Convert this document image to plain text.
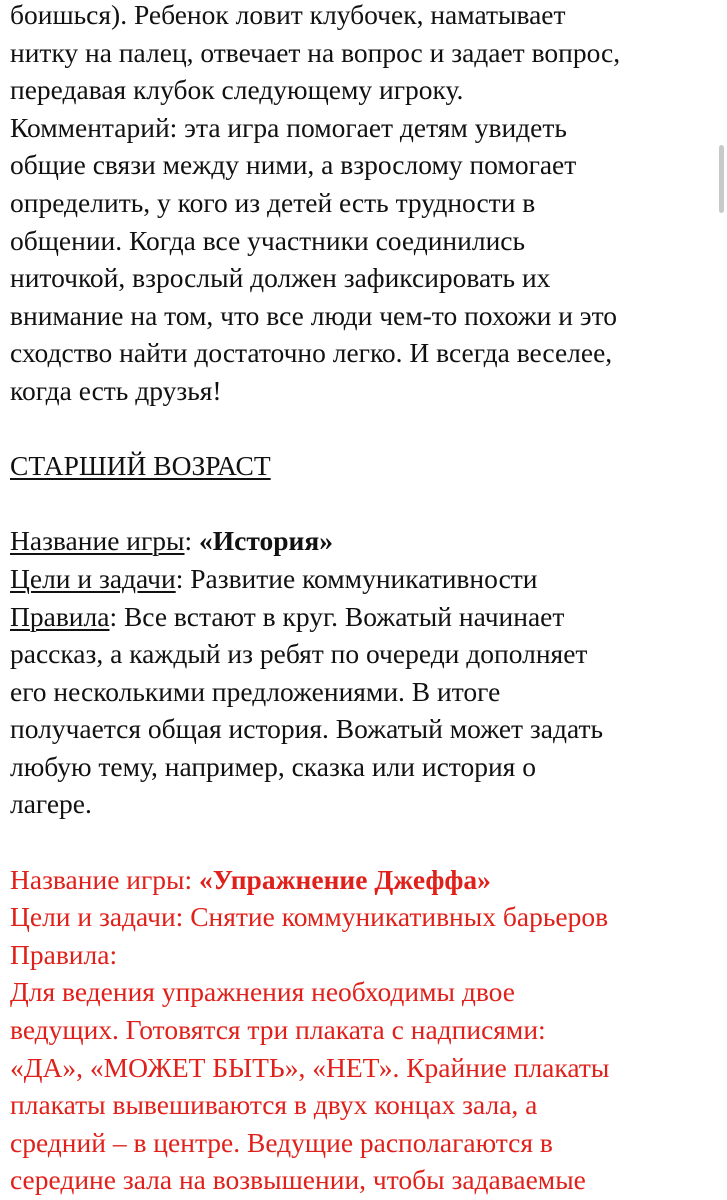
боишься). Ребенок ловит клубочек, наматывает
нитку на палец, отвечает на вопрос и задает вопрос,
передавая клубок следующему игроку.
Комментарий: эта игра помогает детям увидеть
общие связи между ними, а взрослому помогает
определить, у кого из детей есть трудности в
общении. Когда все участники соединились
ниточкой, взрослый должен зафиксировать их
внимание на том, что все люди чем-то похожи и это
сходство найти достаточно легко. И всегда веселее,
когда есть друзья!
СТАРШИЙ ВОЗРАСТ
Название игры: «История»
Цели и задачи: Развитие коммуникативности
Правила: Все встают в круг. Вожатый начинает
рассказ, а каждый из ребят по очереди дополняет
его несколькими предложениями. В итоге
получается общая история. Вожатый может задать
любую тему, например, сказка или история о
лагере.
Название игры: «Упражнение Джеффа»
Цели и задачи: Снятие коммуникативных барьеров
Правила:
Для ведения упражнения необходимы двое
ведущих. Готовятся три плаката с надписями:
«ДА», «МОЖЕТ БЫТЬ», «НЕТ». Крайние плакаты
плакаты вывешиваются в двух концах зала, а
средний – в центре. Ведущие располагаются в
середине зала на возвышении, чтобы задаваемые
